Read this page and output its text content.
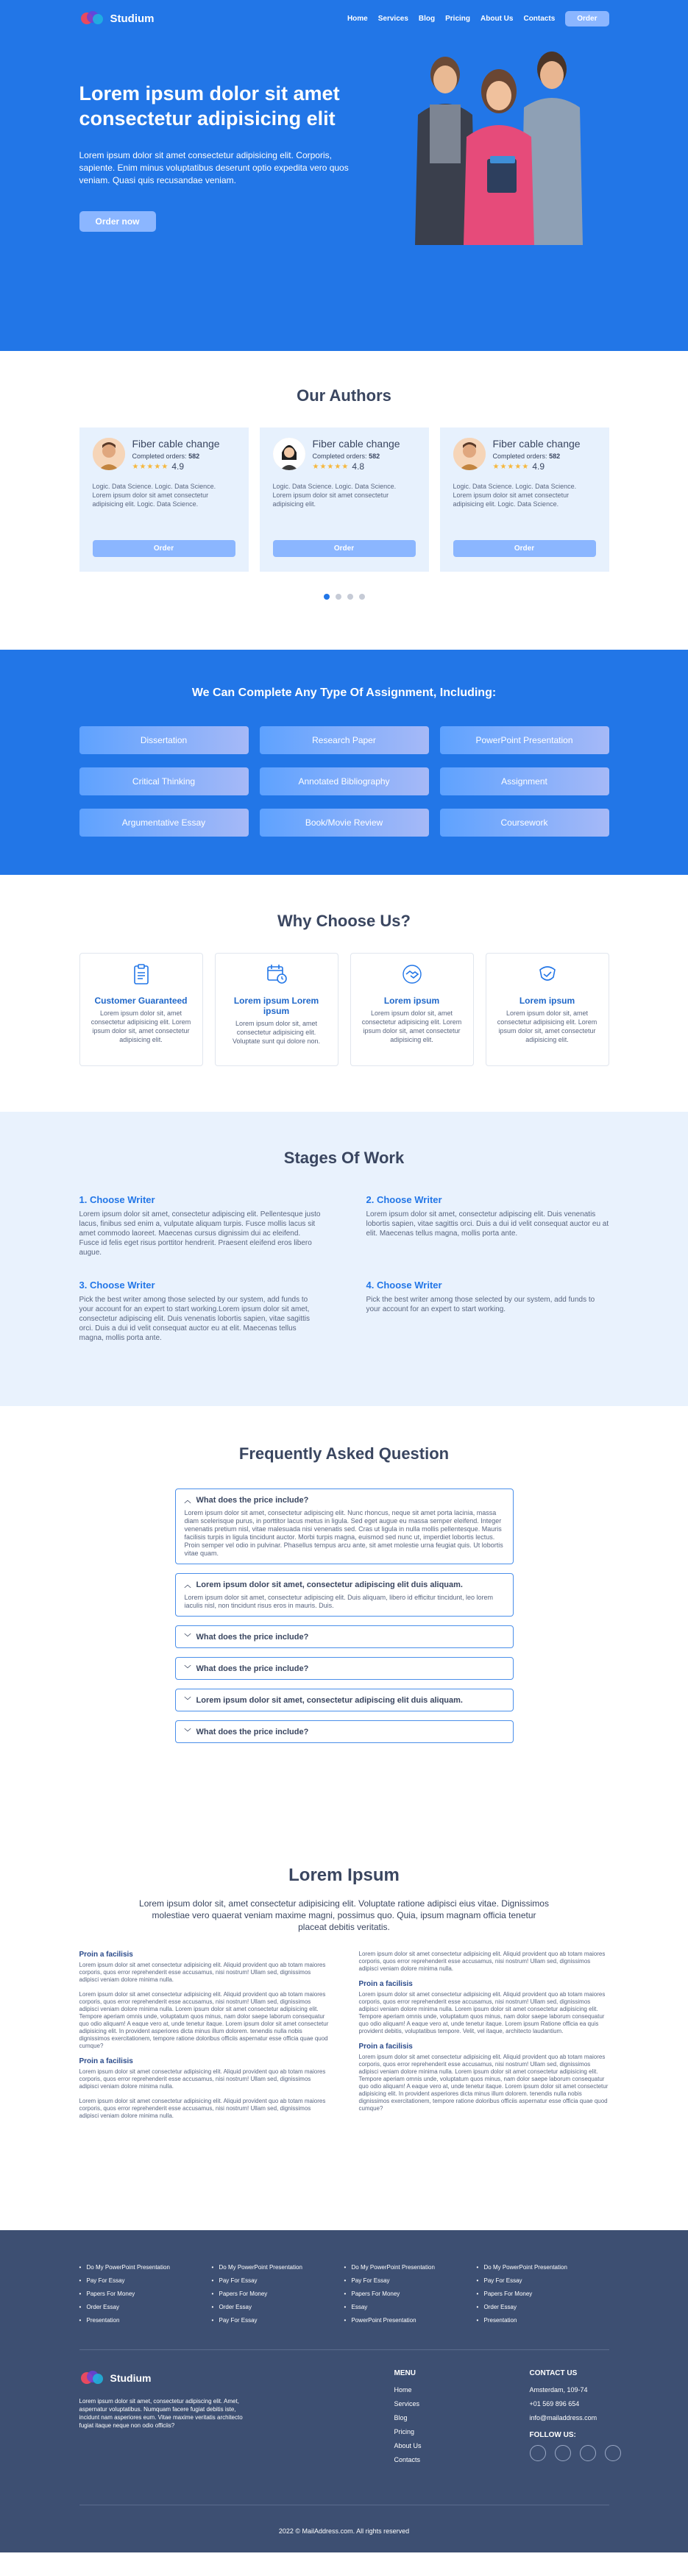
Studium	Home Services Blog Pricing About Us Contacts	Order
Lorem ipsum dolor sit amet consectetur adipisicing elit
Lorem ipsum dolor sit amet consectetur adipisicing elit. Corporis, sapiente. Enim minus voluptatibus deserunt optio expedita vero quos veniam. Quasi quis recusandae veniam.
Order now
Our Authors
Fiber cable change
Completed orders: 582
★★★★★ 4.9
Logic. Data Science. Logic. Data Science. Lorem ipsum dolor sit amet consectetur adipisicing elit. Logic. Data Science.
Order
Fiber cable change
Completed orders: 582
★★★★★ 4.8
Logic. Data Science. Logic. Data Science. Lorem ipsum dolor sit amet consectetur adipisicing elit.
Order
Fiber cable change
Completed orders: 582
★★★★★ 4.9
Logic. Data Science. Logic. Data Science. Lorem ipsum dolor sit amet consectetur adipisicing elit. Logic. Data Science.
Order
We Can Complete Any Type Of Assignment, Including:
Dissertation	Research Paper	PowerPoint Presentation
Critical Thinking	Annotated Bibliography	Assignment
Argumentative Essay	Book/Movie Review	Coursework
Why Choose Us?
Customer Guaranteed
Lorem ipsum dolor sit, amet consectetur adipisicing elit. Lorem ipsum dolor sit, amet consectetur adipisicing elit.
Lorem ipsum Lorem ipsum
Lorem ipsum dolor sit, amet consectetur adipisicing elit. Voluptate sunt qui dolore non.
Lorem ipsum
Lorem ipsum dolor sit, amet consectetur adipisicing elit. Lorem ipsum dolor sit, amet consectetur adipisicing elit.
Lorem ipsum
Lorem ipsum dolor sit, amet consectetur adipisicing elit. Lorem ipsum dolor sit, amet consectetur adipisicing elit.
Stages Of Work
1. Choose Writer
Lorem ipsum dolor sit amet, consectetur adipiscing elit. Pellentesque justo lacus, finibus sed enim a, vulputate aliquam turpis. Fusce mollis lacus sit amet commodo laoreet. Maecenas cursus dignissim dui ac eleifend. Fusce id felis eget risus porttitor hendrerit. Praesent eleifend eros libero augue.
2. Choose Writer
Lorem ipsum dolor sit amet, consectetur adipiscing elit. Duis venenatis lobortis sapien, vitae sagittis orci. Duis a dui id velit consequat auctor eu at elit. Maecenas tellus magna, mollis porta ante.
3. Choose Writer
Pick the best writer among those selected by our system, add funds to your account for an expert to start working.Lorem ipsum dolor sit amet, consectetur adipiscing elit. Duis venenatis lobortis sapien, vitae sagittis orci. Duis a dui id velit consequat auctor eu at elit. Maecenas tellus magna, mollis porta ante.
4. Choose Writer
Pick the best writer among those selected by our system, add funds to your account for an expert to start working.
Frequently Asked Question
︿ What does the price include?
Lorem ipsum dolor sit amet, consectetur adipiscing elit. Nunc rhoncus, neque sit amet porta lacinia, massa diam scelerisque purus, in porttitor lacus metus in ligula. Sed eget augue eu massa semper eleifend. Integer venenatis pretium nisl, vitae malesuada nisi venenatis sed. Cras ut ligula in nulla mollis pellentesque. Mauris facilisis turpis in ligula tincidunt auctor. Morbi turpis magna, euismod sed nunc ut, imperdiet lobortis lectus. Proin semper vel odio in pulvinar. Phasellus tempus arcu ante, sit amet molestie urna feugiat quis. Ut lobortis vitae quam.
︿ Lorem ipsum dolor sit amet, consectetur adipiscing elit duis aliquam.
Lorem ipsum dolor sit amet, consectetur adipiscing elit. Duis aliquam, libero id efficitur tincidunt, leo lorem iaculis nisl, non tincidunt risus eros in mauris. Duis.
﹀ What does the price include?
﹀ What does the price include?
﹀ Lorem ipsum dolor sit amet, consectetur adipiscing elit duis aliquam.
﹀ What does the price include?
Lorem Ipsum
Lorem ipsum dolor sit, amet consectetur adipisicing elit. Voluptate ratione adipisci eius vitae. Dignissimos molestiae vero quaerat veniam maxime magni, possimus quo. Quia, ipsum magnam officia tenetur placeat debitis veritatis.
Proin a facilisis
Lorem ipsum dolor sit amet consectetur adipisicing elit. Aliquid provident quo ab totam maiores corporis, quos error reprehenderit esse accusamus, nisi nostrum! Ullam sed, dignissimos adipisci veniam dolore minima nulla.
Lorem ipsum dolor sit amet consectetur adipisicing elit. Aliquid provident quo ab totam maiores corporis, quos error reprehenderit esse accusamus, nisi nostrum! Ullam sed, dignissimos adipisci veniam dolore minima nulla. Lorem ipsum dolor sit amet consectetur adipisicing elit. Tempore aperiam omnis unde, voluptatum quos minus, nam dolor saepe laborum consequatur quo odio aliquam! A eaque vero at, unde tenetur itaque. Lorem ipsum dolor sit amet consectetur adipisicing elit. In provident asperiores dicta minus illum dolorem. tenendis nulla nobis dignissimos exercitationem, tempore ratione doloribus officiis aspernatur esse officia quae quod cumque?
Proin a facilisis
Lorem ipsum dolor sit amet consectetur adipisicing elit. Aliquid provident quo ab totam maiores corporis, quos error reprehenderit esse accusamus, nisi nostrum! Ullam sed, dignissimos adipisci veniam dolore minima nulla.
Lorem ipsum dolor sit amet consectetur adipisicing elit. Aliquid provident quo ab totam maiores corporis, quos error reprehenderit esse accusamus, nisi nostrum! Ullam sed, dignissimos adipisci veniam dolore minima nulla.
Lorem ipsum dolor sit amet consectetur adipisicing elit. Aliquid provident quo ab totam maiores corporis, quos error reprehenderit esse accusamus, nisi nostrum! Ullam sed, dignissimos adipisci veniam dolore minima nulla.
Proin a facilisis
Lorem ipsum dolor sit amet consectetur adipisicing elit. Aliquid provident quo ab totam maiores corporis, quos error reprehenderit esse accusamus, nisi nostrum! Ullam sed, dignissimos adipisci veniam dolore minima nulla. Lorem ipsum dolor sit amet consectetur adipisicing elit. Tempore aperiam omnis unde, voluptatum quos minus, nam dolor saepe laborum consequatur quo odio aliquam! A eaque vero at, unde tenetur itaque. Lorem ipsum Ratione officia ea quis provident debitis, voluptatibus tempore. Velit, vel itaque, architecto laudantium.
Proin a facilisis
Lorem ipsum dolor sit amet consectetur adipisicing elit. Aliquid provident quo ab totam maiores corporis, quos error reprehenderit esse accusamus, nisi nostrum! Ullam sed, dignissimos adipisci veniam dolore minima nulla. Lorem ipsum dolor sit amet consectetur adipisicing elit. Tempore aperiam omnis unde, voluptatum quos minus, nam dolor saepe laborum consequatur quo odio aliquam! A eaque vero at, unde tenetur itaque. Lorem ipsum dolor sit amet consectetur adipisicing elit. In provident asperiores dicta minus illum dolorem. tenendis nulla nobis dignissimos exercitationem, tempore ratione doloribus officiis aspernatur esse officia quae quod cumque?
• Do My PowerPoint Presentation
• Pay For Essay
• Papers For Money
• Order Essay
• Presentation
• Do My PowerPoint Presentation
• Pay For Essay
• Papers For Money
• Order Essay
• Pay For Essay
• Do My PowerPoint Presentation
• Pay For Essay
• Papers For Money
• Essay
• PowerPoint Presentation
• Do My PowerPoint Presentation
• Pay For Essay
• Papers For Money
• Order Essay
• Presentation
Studium
Lorem ipsum dolor sit amet, consectetur adipiscing elit. Amet, aspernatur voluptatibus. Numquam facere fugiat debitis iste, incidunt nam asperiores eum. Vitae maxime veritatis architecto fugiat itaque neque non odio officiis?
MENU
Home
Services
Blog
Pricing
About Us
Contacts
CONTACT US
Amsterdam, 109-74
+01 569 896 654
info@mailaddress.com
FOLLOW US:
2022 © MailAddress.com. All rights reserved
